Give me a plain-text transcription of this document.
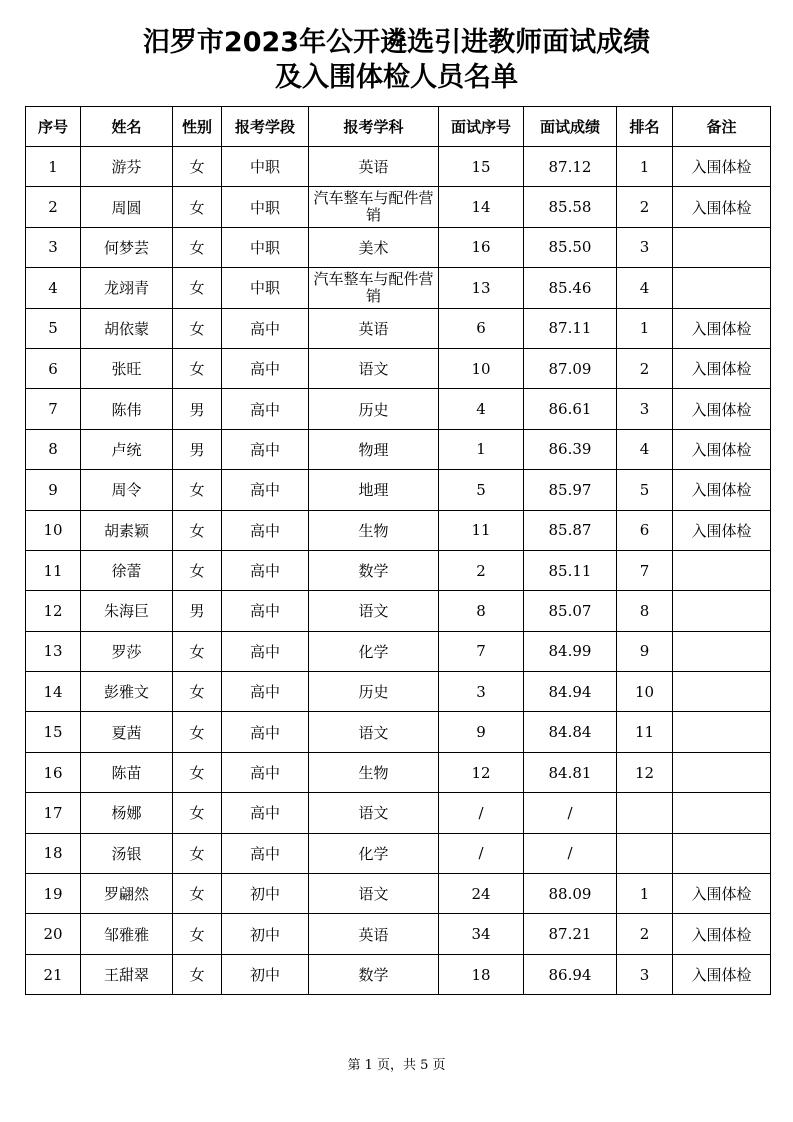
汨罗市2023年公开遴选引进教师面试成绩
及入围体检人员名单
序号	姓名	性别	报考学段	报考学科	面试序号	面试成绩	排名	备注
1	游芬	女	中职	英语	15	87.12	1	入围体检
2	周圆	女	中职	汽车整车与配件营销	14	85.58	2	入围体检
3	何梦芸	女	中职	美术	16	85.50	3	
4	龙翊青	女	中职	汽车整车与配件营销	13	85.46	4	
5	胡依蒙	女	高中	英语	6	87.11	1	入围体检
6	张旺	女	高中	语文	10	87.09	2	入围体检
7	陈伟	男	高中	历史	4	86.61	3	入围体检
8	卢统	男	高中	物理	1	86.39	4	入围体检
9	周令	女	高中	地理	5	85.97	5	入围体检
10	胡素颖	女	高中	生物	11	85.87	6	入围体检
11	徐蕾	女	高中	数学	2	85.11	7	
12	朱海巨	男	高中	语文	8	85.07	8	
13	罗莎	女	高中	化学	7	84.99	9	
14	彭雅文	女	高中	历史	3	84.94	10	
15	夏茜	女	高中	语文	9	84.84	11	
16	陈苗	女	高中	生物	12	84.81	12	
17	杨娜	女	高中	语文	/	/		
18	汤银	女	高中	化学	/	/		
19	罗翩然	女	初中	语文	24	88.09	1	入围体检
20	邹雅雅	女	初中	英语	34	87.21	2	入围体检
21	王甜翠	女	初中	数学	18	86.94	3	入围体检
第 1 页，共 5 页
